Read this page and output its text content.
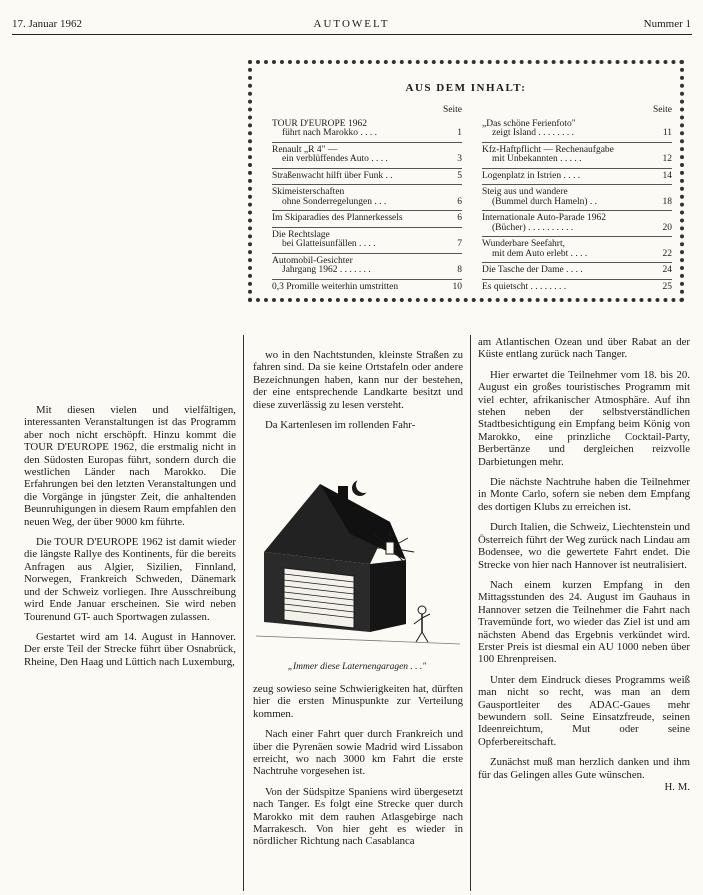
17. Januar 1962	AUTOWELT	Nummer 1
AUS DEM INHALT:
Seite
TOUR D'EUROPE 1962
führt nach Marokko . . . .	1
Renault „R 4" —
ein verblüffendes Auto . . . .	3
Straßenwacht hilft über Funk . .	5
Skimeisterschaften
ohne Sonderregelungen . . .	6
Im Skiparadies des Plannerkessels	6
Die Rechtslage
bei Glatteisunfällen . . . .	7
Automobil-Gesichter
Jahrgang 1962 . . . . . . .	8
0,3 Promille weiterhin umstritten	10
Seite
„Das schöne Ferienfoto"
zeigt Island . . . . . . . .	11
Kfz-Haftpflicht — Rechenaufgabe
mit Unbekannten . . . . .	12
Logenplatz in Istrien . . . .	14
Steig aus und wandere
(Bummel durch Hameln) . .	18
Internationale Auto-Parade 1962
(Bücher) . . . . . . . . . .	20
Wunderbare Seefahrt,
mit dem Auto erlebt . . . .	22
Die Tasche der Dame . . . .	24
Es quietscht . . . . . . . .	25

Mit diesen vielen und vielfältigen, interessanten Veranstaltungen ist das Programm aber noch nicht erschöpft. Hinzu kommt die TOUR D'EUROPE 1962, die erstmalig nicht in den Südosten Europas führt, sondern durch die westlichen Länder nach Marokko. Die Erfahrungen bei den letzten Veranstaltungen und die Vorgänge in jüngster Zeit, die anhaltenden Beunruhigungen in diesem Raum empfahlen den neuen Weg, der über 9000 km führte.

Die TOUR D'EUROPE 1962 ist damit wieder die längste Rallye des Kontinents, für die bereits Anfragen aus Algier, Sizilien, Finnland, Norwegen, Frankreich Schweden, Dänemark und der Schweiz vorliegen. Ihre Ausschreibung wird Ende Januar erscheinen. Sie wird neben Tourenund GT- auch Sportwagen zulassen.

Gestartet wird am 14. August in Hannover. Der erste Teil der Strecke führt über Osnabrück, Rheine, Den Haag und Lüttich nach Luxemburg,

wo in den Nachtstunden, kleinste Straßen zu fahren sind. Da sie keine Ortstafeln oder andere Bezeichnungen haben, kann nur der bestehen, der eine entsprechende Landkarte besitzt und diese zuverlässig zu lesen versteht.

Da Kartenlesen im rollenden Fahr-

„Immer diese Laternengaragen . . ."

zeug sowieso seine Schwierigkeiten hat, dürften hier die ersten Minuspunkte zur Verteilung kommen.

Nach einer Fahrt quer durch Frankreich und über die Pyrenäen sowie Madrid wird Lissabon erreicht, wo nach 3000 km Fahrt die erste Nachtruhe vorgesehen ist.

Von der Südspitze Spaniens wird übergesetzt nach Tanger. Es folgt eine Strecke quer durch Marokko mit dem rauhen Atlasgebirge nach Marrakesch. Von hier geht es wieder in nördlicher Richtung nach Casablanca

am Atlantischen Ozean und über Rabat an der Küste entlang zurück nach Tanger.

Hier erwartet die Teilnehmer vom 18. bis 20. August ein großes touristisches Programm mit viel echter, afrikanischer Atmosphäre. Auf ihn stehen neben der selbstverständlichen Stadtbesichtigung ein Empfang beim König von Marokko, eine prinzliche Cocktail-Party, Berbertänze und dergleichen reizvolle Darbietungen mehr.

Die nächste Nachtruhe haben die Teilnehmer in Monte Carlo, sofern sie neben dem Empfang des dortigen Klubs zu erreichen ist.

Durch Italien, die Schweiz, Liechtenstein und Österreich führt der Weg zurück nach Lindau am Bodensee, wo die gewertete Fahrt endet. Die Strecke von hier nach Hannover ist neutralisiert.

Nach einem kurzen Empfang in den Mittagsstunden des 24. August im Gauhaus in Hannover setzen die Teilnehmer die Fahrt nach Travemünde fort, wo wieder das Ziel ist und am nächsten Abend das Ergebnis verkündet wird. Erster Preis ist diesmal ein AU 1000 neben über 100 Ehrenpreisen.

Unter dem Eindruck dieses Programms weiß man nicht so recht, was man an dem Gausportleiter des ADAC-Gaues mehr bewundern soll. Seine Einsatzfreude, seinen Ideenreichtum, Mut oder seine Opferbereitschaft.

Zunächst muß man herzlich danken und ihm für das Gelingen alles Gute wünschen.

H. M.
